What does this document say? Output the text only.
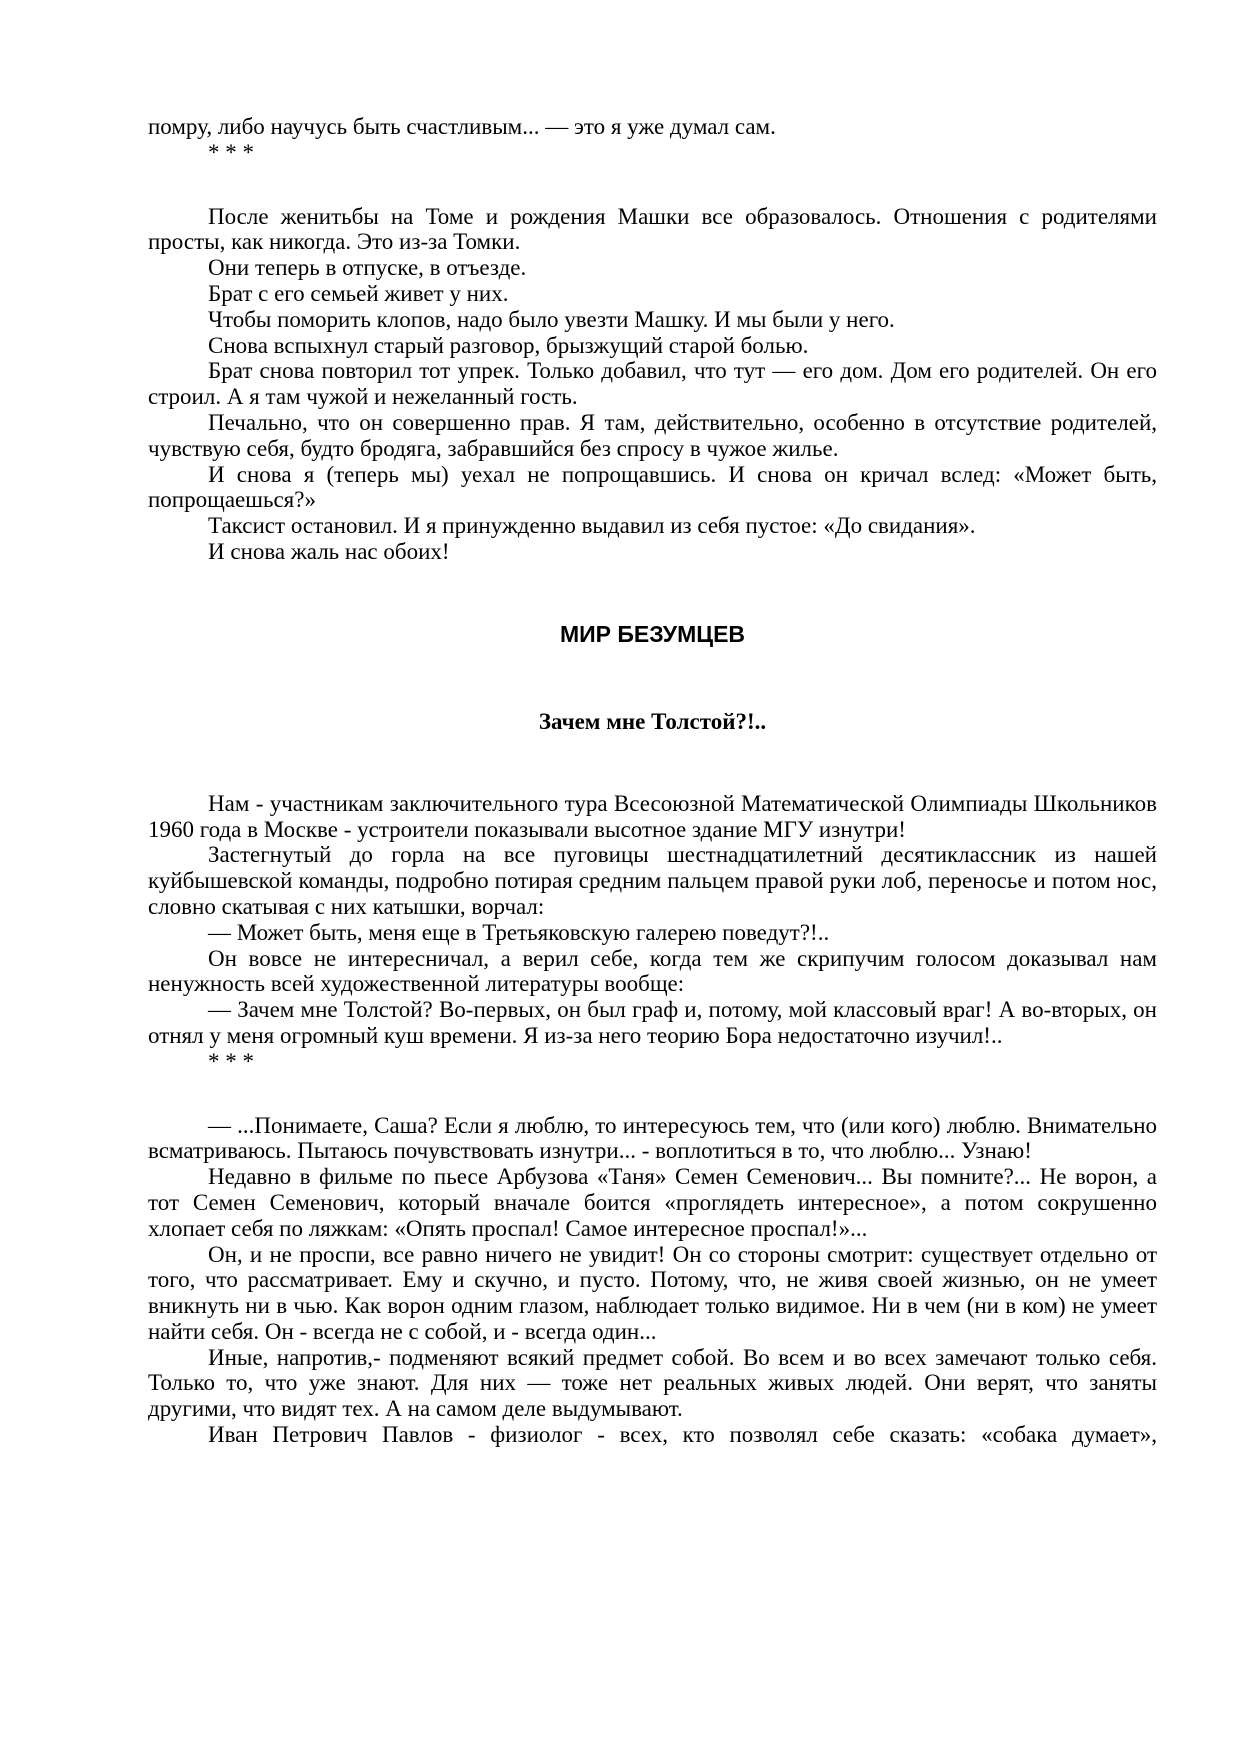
помру, либо научусь быть счастливым... — это я уже думал сам.

* * *

После женитьбы на Томе и рождения Машки все образовалось. Отношения с родителями просты, как никогда. Это из-за Томки.

Они теперь в отпуске, в отъезде.

Брат с его семьей живет у них.

Чтобы поморить клопов, надо было увезти Машку. И мы были у него.

Снова вспыхнул старый разговор, брызжущий старой болью.

Брат снова повторил тот упрек. Только добавил, что тут — его дом. Дом его родителей. Он его строил. А я там чужой и нежеланный гость.

Печально, что он совершенно прав. Я там, действительно, особенно в отсутствие родителей, чувствую себя, будто бродяга, забравшийся без спросу в чужое жилье.

И снова я (теперь мы) уехал не попрощавшись. И снова он кричал вслед: «Может быть, попрощаешься?»

Таксист остановил. И я принужденно выдавил из себя пустое: «До свидания».

И снова жаль нас обоих!

МИР БЕЗУМЦЕВ
Зачем мне Толстой?!..

Нам - участникам заключительного тура Всесоюзной Математической Олимпиады Школьников 1960 года в Москве - устроители показывали высотное здание МГУ изнутри!

Застегнутый до горла на все пуговицы шестнадцатилетний десятиклассник из нашей куйбышевской команды, подробно потирая средним пальцем правой руки лоб, переносье и потом нос, словно скатывая с них катышки, ворчал:

— Может быть, меня еще в Третьяковскую галерею поведут?!..

Он вовсе не интересничал, а верил себе, когда тем же скрипучим голосом доказывал нам ненужность всей художественной литературы вообще:

— Зачем мне Толстой? Во-первых, он был граф и, потому, мой классовый враг! А во-вторых, он отнял у меня огромный куш времени. Я из-за него теорию Бора недостаточно изучил!..

* * *

— ...Понимаете, Саша? Если я люблю, то интересуюсь тем, что (или кого) люблю. Внимательно всматриваюсь. Пытаюсь почувствовать изнутри... - воплотиться в то, что люблю... Узнаю!

Недавно в фильме по пьесе Арбузова «Таня» Семен Семенович... Вы помните?... Не ворон, а тот Семен Семенович, который вначале боится «проглядеть интересное», а потом сокрушенно хлопает себя по ляжкам: «Опять проспал! Самое интересное проспал!»...

Он, и не проспи, все равно ничего не увидит! Он со стороны смотрит: существует отдельно от того, что рассматривает. Ему и скучно, и пусто. Потому, что, не живя своей жизнью, он не умеет вникнуть ни в чью. Как ворон одним глазом, наблюдает только видимое. Ни в чем (ни в ком) не умеет найти себя. Он - всегда не с собой, и - всегда один...

Иные, напротив,- подменяют всякий предмет собой. Во всем и во всех замечают только себя. Только то, что уже знают. Для них — тоже нет реальных живых людей. Они верят, что заняты другими, что видят тех. А на самом деле выдумывают.

Иван Петрович Павлов - физиолог - всех, кто позволял себе сказать: «собака думает»,
